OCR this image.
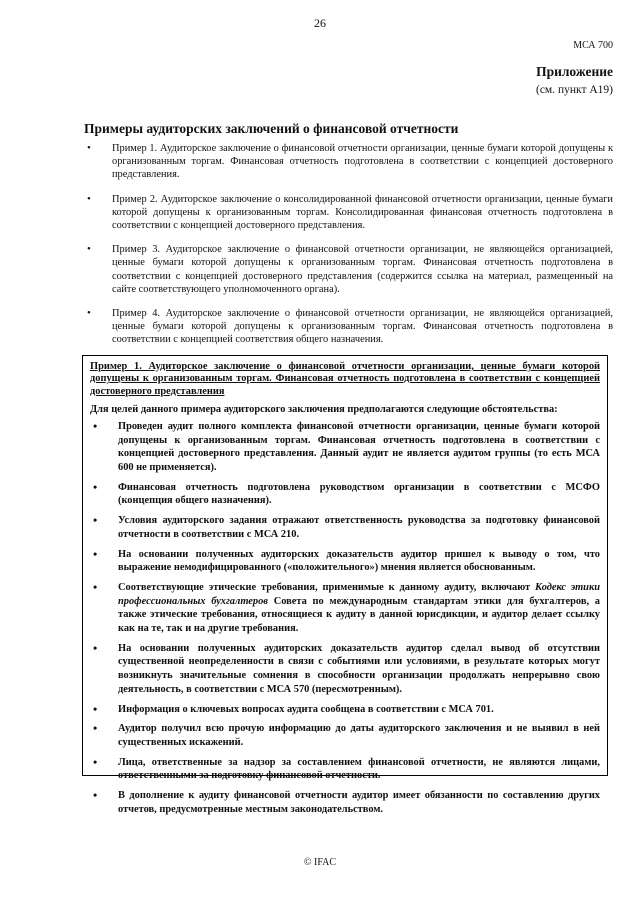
26
МСА 700
Приложение
(см. пункт A19)
Примеры аудиторских заключений о финансовой отчетности
• Пример 1. Аудиторское заключение о финансовой отчетности организации, ценные бумаги которой допущены к организованным торгам. Финансовая отчетность подготовлена в соответствии с концепцией достоверного представления.
• Пример 2. Аудиторское заключение о консолидированной финансовой отчетности организации, ценные бумаги которой допущены к организованным торгам. Консолидированная финансовая отчетность подготовлена в соответствии с концепцией достоверного представления.
• Пример 3. Аудиторское заключение о финансовой отчетности организации, не являющейся организацией, ценные бумаги которой допущены к организованным торгам. Финансовая отчетность подготовлена в соответствии с концепцией достоверного представления (содержится ссылка на материал, размещенный на сайте соответствующего уполномоченного органа).
• Пример 4. Аудиторское заключение о финансовой отчетности организации, не являющейся организацией, ценные бумаги которой допущены к организованным торгам. Финансовая отчетность подготовлена в соответствии с концепцией соответствия общего назначения.
Пример 1. Аудиторское заключение о финансовой отчетности организации, ценные бумаги которой допущены к организованным торгам. Финансовая отчетность подготовлена в соответствии с концепцией достоверного представления
Для целей данного примера аудиторского заключения предполагаются следующие обстоятельства:
• Проведен аудит полного комплекта финансовой отчетности организации, ценные бумаги которой допущены к организованным торгам. Финансовая отчетность подготовлена в соответствии с концепцией достоверного представления. Данный аудит не является аудитом группы (то есть МСА 600 не применяется).
• Финансовая отчетность подготовлена руководством организации в соответствии с МСФО (концепция общего назначения).
• Условия аудиторского задания отражают ответственность руководства за подготовку финансовой отчетности в соответствии с МСА 210.
• На основании полученных аудиторских доказательств аудитор пришел к выводу о том, что выражение немодифицированного («положительного») мнения является обоснованным.
• Соответствующие этические требования, применимые к данному аудиту, включают Кодекс этики профессиональных бухгалтеров Совета по международным стандартам этики для бухгалтеров, а также этические требования, относящиеся к аудиту в данной юрисдикции, и аудитор делает ссылку как на те, так и на другие требования.
• На основании полученных аудиторских доказательств аудитор сделал вывод об отсутствии существенной неопределенности в связи с событиями или условиями, в результате которых могут возникнуть значительные сомнения в способности организации продолжать непрерывно свою деятельность, в соответствии с МСА 570 (пересмотренным).
• Информация о ключевых вопросах аудита сообщена в соответствии с МСА 701.
• Аудитор получил всю прочую информацию до даты аудиторского заключения и не выявил в ней существенных искажений.
• Лица, ответственные за надзор за составлением финансовой отчетности, не являются лицами, ответственными за подготовку финансовой отчетности.
• В дополнение к аудиту финансовой отчетности аудитор имеет обязанности по составлению других отчетов, предусмотренные местным законодательством.
© IFAC
